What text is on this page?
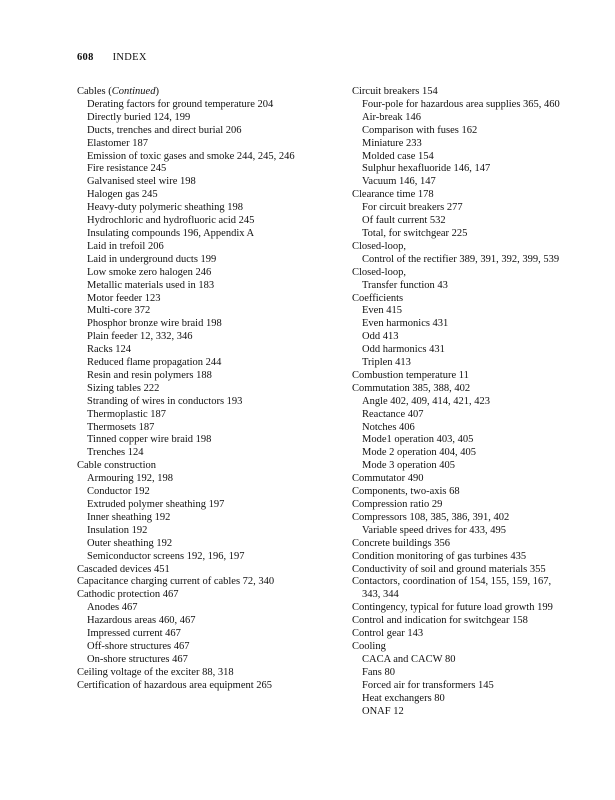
608 INDEX
Cables (Continued)
Derating factors for ground temperature 204
Directly buried 124, 199
Ducts, trenches and direct burial 206
Elastomer 187
Emission of toxic gases and smoke 244, 245, 246
Fire resistance 245
Galvanised steel wire 198
Halogen gas 245
Heavy-duty polymeric sheathing 198
Hydrochloric and hydrofluoric acid 245
Insulating compounds 196, Appendix A
Laid in trefoil 206
Laid in underground ducts 199
Low smoke zero halogen 246
Metallic materials used in 183
Motor feeder 123
Multi-core 372
Phosphor bronze wire braid 198
Plain feeder 12, 332, 346
Racks 124
Reduced flame propagation 244
Resin and resin polymers 188
Sizing tables 222
Stranding of wires in conductors 193
Thermoplastic 187
Thermosets 187
Tinned copper wire braid 198
Trenches 124
Cable construction
Armouring 192, 198
Conductor 192
Extruded polymer sheathing 197
Inner sheathing 192
Insulation 192
Outer sheathing 192
Semiconductor screens 192, 196, 197
Cascaded devices 451
Capacitance charging current of cables 72, 340
Cathodic protection 467
Anodes 467
Hazardous areas 460, 467
Impressed current 467
Off-shore structures 467
On-shore structures 467
Ceiling voltage of the exciter 88, 318
Certification of hazardous area equipment 265
Circuit breakers 154
Four-pole for hazardous area supplies 365, 460
Air-break 146
Comparison with fuses 162
Miniature 233
Molded case 154
Sulphur hexafluoride 146, 147
Vacuum 146, 147
Clearance time 178
For circuit breakers 277
Of fault current 532
Total, for switchgear 225
Closed-loop,
Control of the rectifier 389, 391, 392, 399, 539
Closed-loop,
Transfer function 43
Coefficients
Even 415
Even harmonics 431
Odd 413
Odd harmonics 431
Triplen 413
Combustion temperature 11
Commutation 385, 388, 402
Angle 402, 409, 414, 421, 423
Reactance 407
Notches 406
Mode1 operation 403, 405
Mode 2 operation 404, 405
Mode 3 operation 405
Commutator 490
Components, two-axis 68
Compression ratio 29
Compressors 108, 385, 386, 391, 402
Variable speed drives for 433, 495
Concrete buildings 356
Condition monitoring of gas turbines 435
Conductivity of soil and ground materials 355
Contactors, coordination of 154, 155, 159, 167, 343, 344
Contingency, typical for future load growth 199
Control and indication for switchgear 158
Control gear 143
Cooling
CACA and CACW 80
Fans 80
Forced air for transformers 145
Heat exchangers 80
ONAF 12
